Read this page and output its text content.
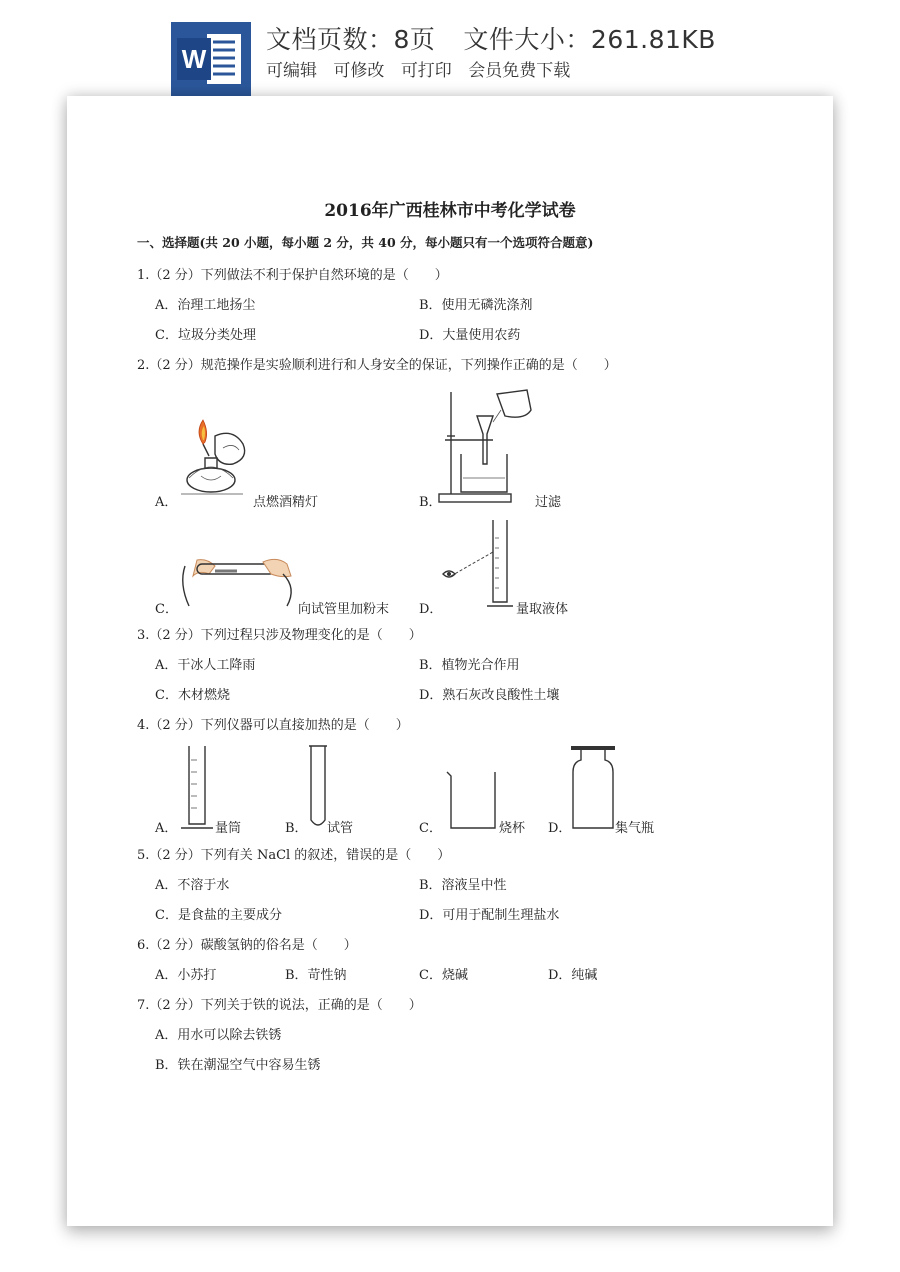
W
文档页数：8页 文件大小：261.81KB
可编辑 可修改 可打印 会员免费下载
2016年广西桂林市中考化学试卷
一、选择题(共 20 小题，每小题 2 分，共 40 分，每小题只有一个选项符合题意)
1.（2 分）下列做法不利于保护自然环境的是（　　）
A．治理工地扬尘	B．使用无磷洗涤剂
C．垃圾分类处理	D．大量使用农药
2.（2 分）规范操作是实验顺利进行和人身安全的保证，下列操作正确的是（　　）
A．	点燃酒精灯	B．	过滤
C．	向试管里加粉末 D．	量取液体
3.（2 分）下列过程只涉及物理变化的是（　　）
A．干冰人工降雨	B．植物光合作用
C．木材燃烧	D．熟石灰改良酸性土壤
4.（2 分）下列仪器可以直接加热的是（　　）
A．	量筒	B． 试管	C．	烧杯 D．	集气瓶
5.（2 分）下列有关 NaCl 的叙述，错误的是（　　）
A．不溶于水	B．溶液呈中性
C．是食盐的主要成分	D．可用于配制生理盐水
6.（2 分）碳酸氢钠的俗名是（　　）
A．小苏打	B．苛性钠	C．烧碱	D．纯碱
7.（2 分）下列关于铁的说法，正确的是（　　）
A．用水可以除去铁锈
B．铁在潮湿空气中容易生锈
